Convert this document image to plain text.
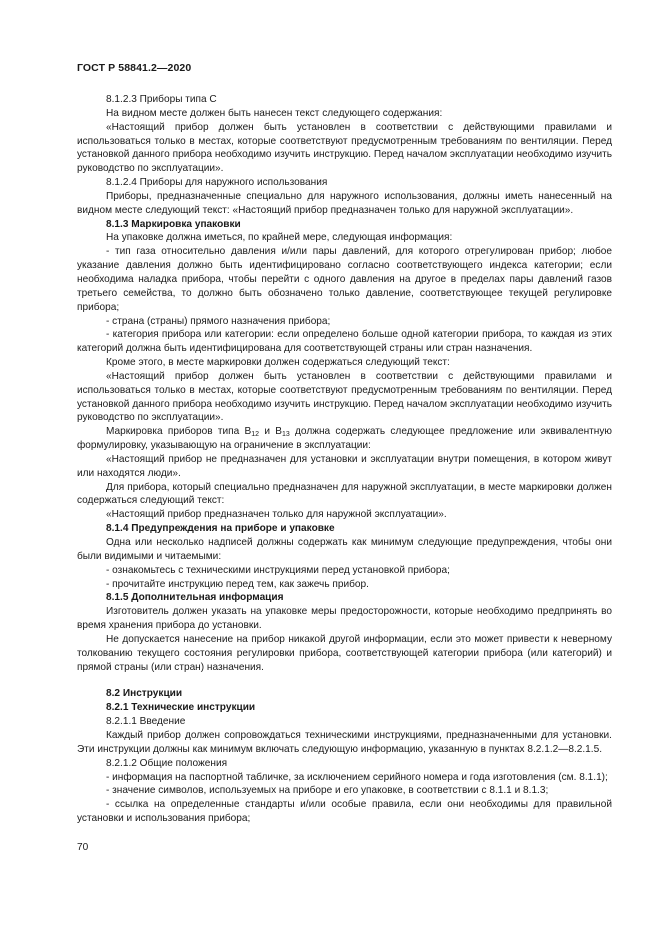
ГОСТ Р 58841.2—2020

8.1.2.3 Приборы типа С

На видном месте должен быть нанесен текст следующего содержания:

«Настоящий прибор должен быть установлен в соответствии с действующими правилами и использоваться только в местах, которые соответствуют предусмотренным требованиям по вентиляции. Перед установкой данного прибора необходимо изучить инструкцию. Перед началом эксплуатации необходимо изучить руководство по эксплуатации».

8.1.2.4 Приборы для наружного использования

Приборы, предназначенные специально для наружного использования, должны иметь нанесенный на видном месте следующий текст: «Настоящий прибор предназначен только для наружной эксплуатации».

8.1.3 Маркировка упаковки

На упаковке должна иметься, по крайней мере, следующая информация:

- тип газа относительно давления и/или пары давлений, для которого отрегулирован прибор; любое указание давления должно быть идентифицировано согласно соответствующего индекса категории; если необходима наладка прибора, чтобы перейти с одного давления на другое в пределах пары давлений газов третьего семейства, то должно быть обозначено только давление, соответствующее текущей регулировке прибора;

- страна (страны) прямого назначения прибора;

- категория прибора или категории: если определено больше одной категории прибора, то каждая из этих категорий должна быть идентифицирована для соответствующей страны или стран назначения.

Кроме этого, в месте маркировки должен содержаться следующий текст:

«Настоящий прибор должен быть установлен в соответствии с действующими правилами и использоваться только в местах, которые соответствуют предусмотренным требованиям по вентиляции. Перед установкой данного прибора необходимо изучить инструкцию. Перед началом эксплуатации необходимо изучить руководство по эксплуатации».

Маркировка приборов типа $B_{12}$ и $B_{13}$ должна содержать следующее предложение или эквивалентную формулировку, указывающую на ограничение в эксплуатации:

«Настоящий прибор не предназначен для установки и эксплуатации внутри помещения, в котором живут или находятся люди».

Для прибора, который специально предназначен для наружной эксплуатации, в месте маркировки должен содержаться следующий текст:

«Настоящий прибор предназначен только для наружной эксплуатации».

8.1.4 Предупреждения на приборе и упаковке

Одна или несколько надписей должны содержать как минимум следующие предупреждения, чтобы они были видимыми и читаемыми:

- ознакомьтесь с техническими инструкциями перед установкой прибора;

- прочитайте инструкцию перед тем, как зажечь прибор.

8.1.5 Дополнительная информация

Изготовитель должен указать на упаковке меры предосторожности, которые необходимо предпринять во время хранения прибора до установки.

Не допускается нанесение на прибор никакой другой информации, если это может привести к неверному толкованию текущего состояния регулировки прибора, соответствующей категории прибора (или категорий) и прямой страны (или стран) назначения.

8.2 Инструкции

8.2.1 Технические инструкции

8.2.1.1 Введение

Каждый прибор должен сопровождаться техническими инструкциями, предназначенными для установки. Эти инструкции должны как минимум включать следующую информацию, указанную в пунктах 8.2.1.2—8.2.1.5.

8.2.1.2 Общие положения

- информация на паспортной табличке, за исключением серийного номера и года изготовления (см. 8.1.1);

- значение символов, используемых на приборе и его упаковке, в соответствии с 8.1.1 и 8.1.3;

- ссылка на определенные стандарты и/или особые правила, если они необходимы для правильной установки и использования прибора;

70
